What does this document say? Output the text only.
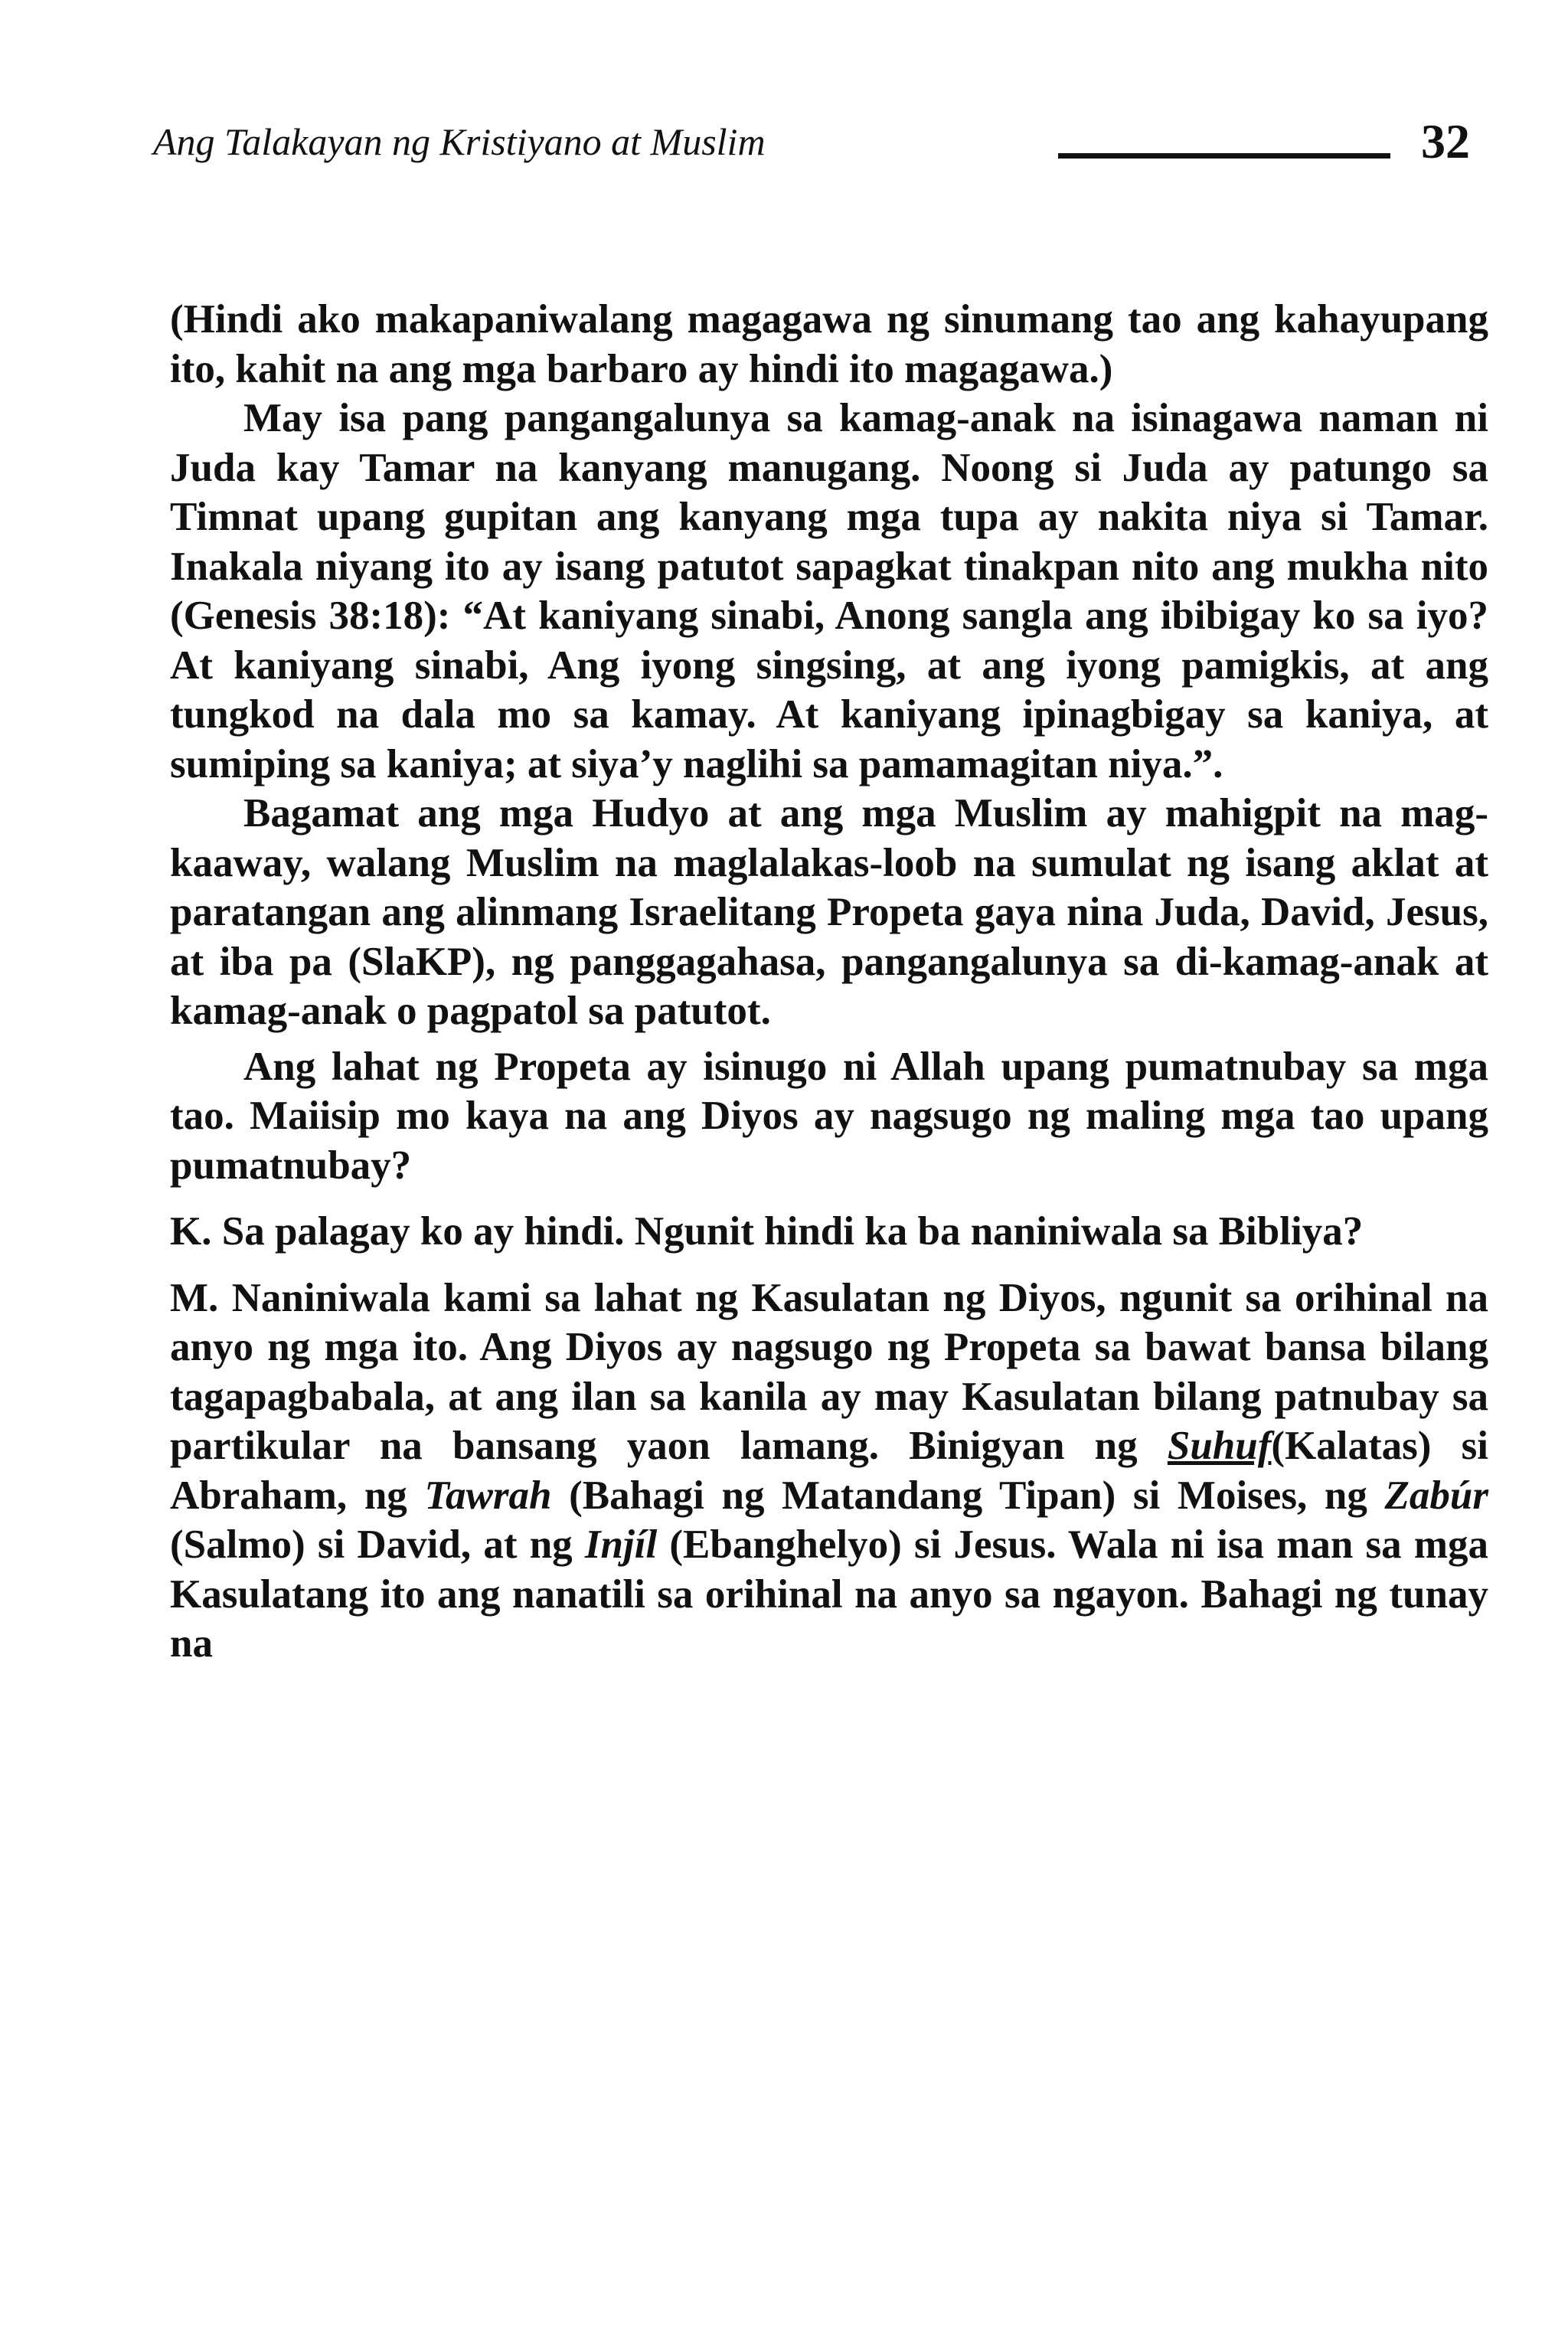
Ang Talakayan ng Kristiyano at Muslim	32

(Hindi ako makapaniwalang magagawa ng sinumang tao ang kahayupang ito, kahit na ang mga barbaro ay hindi ito magagawa.)

May isa pang pangangalunya sa kamag-anak na isinagawa naman ni Juda kay Tamar na kanyang manugang. Noong si Juda ay patungo sa Timnat upang gupitan ang kanyang mga tupa ay nakita niya si Tamar. Inakala niyang ito ay isang patutot sapagkat tinakpan nito ang mukha nito (Genesis 38:18): “At kaniyang sinabi, Anong sangla ang ibibigay ko sa iyo? At kaniyang sinabi, Ang iyong singsing, at ang iyong pamigkis, at ang tungkod na dala mo sa kamay. At kaniyang ipinagbigay sa kaniya, at sumiping sa kaniya; at siya’y naglihi sa pamamagitan niya.”.

Bagamat ang mga Hudyo at ang mga Muslim ay mahigpit na mag-kaaway, walang Muslim na maglalakas-loob na sumulat ng isang aklat at paratangan ang alinmang Israelitang Propeta gaya nina Juda, David, Jesus, at iba pa (SlaKP), ng panggagahasa, pangangalunya sa di-kamag-anak at kamag-anak o pagpatol sa patutot.

Ang lahat ng Propeta ay isinugo ni Allah upang pumatnubay sa mga tao. Maiisip mo kaya na ang Diyos ay nagsugo ng maling mga tao upang pumatnubay?

K. Sa palagay ko ay hindi. Ngunit hindi ka ba naniniwala sa Bibliya?

M. Naniniwala kami sa lahat ng Kasulatan ng Diyos, ngunit sa orihinal na anyo ng mga ito. Ang Diyos ay nagsugo ng Propeta sa bawat bansa bilang tagapagbabala, at ang ilan sa kanila ay may Kasulatan bilang patnubay sa partikular na bansang yaon lamang. Binigyan ng Suhuf(Kalatas) si Abraham, ng Tawrah (Bahagi ng Matandang Tipan) si Moises, ng Zabúr (Salmo) si David, at ng Injíl (Ebanghelyo) si Jesus. Wala ni isa man sa mga Kasulatang ito ang nanatili sa orihinal na anyo sa ngayon. Bahagi ng tunay na
